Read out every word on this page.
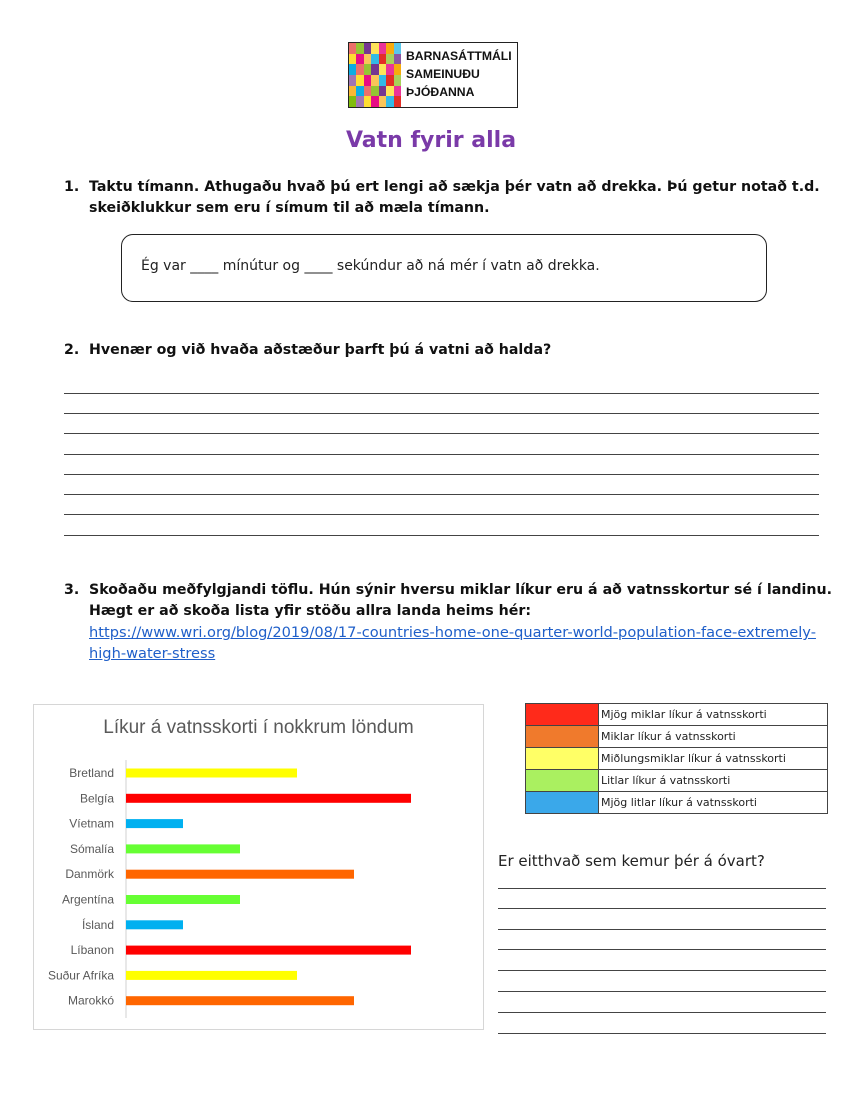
BARNASÁTTMÁLI
SAMEINUÐU
ÞJÓÐANNA
Vatn fyrir alla
1. Taktu tímann. Athugaðu hvað þú ert lengi að sækja þér vatn að drekka. Þú getur notað t.d. skeiðklukkur sem eru í símum til að mæla tímann.
Ég var ____ mínútur og ____ sekúndur að ná mér í vatn að drekka.
2. Hvenær og við hvaða aðstæður þarft þú á vatni að halda?
3. Skoðaðu meðfylgjandi töflu. Hún sýnir hversu miklar líkur eru á að vatnsskortur sé í landinu. Hægt er að skoða lista yfir stöðu allra landa heims hér:
https://www.wri.org/blog/2019/08/17-countries-home-one-quarter-world-population-face-extremely-high-water-stress
Líkur á vatnsskorti í nokkrum löndum
Bretland
Belgía
Víetnam
Sómalía
Danmörk
Argentína
Ísland
Líbanon
Suður Afríka
Marokkó
	Mjög miklar líkur á vatnsskorti
	Miklar líkur á vatnsskorti
	Miðlungsmiklar líkur á vatnsskorti
	Litlar líkur á vatnsskorti
	Mjög litlar líkur á vatnsskorti
Er eitthvað sem kemur þér á óvart?
